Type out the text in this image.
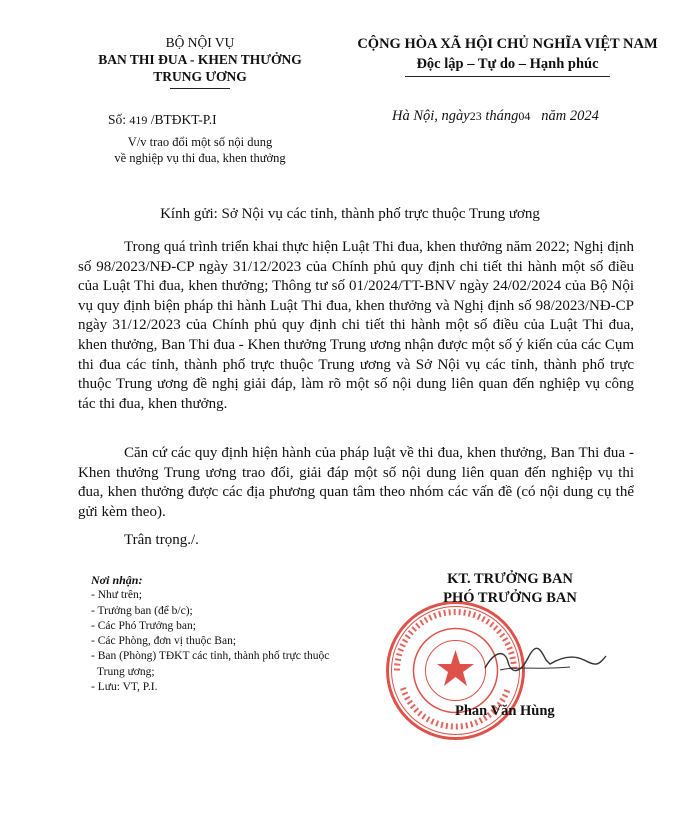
BỘ NỘI VỤ
BAN THI ĐUA - KHEN THƯỞNG
TRUNG ƯƠNG
CỘNG HÒA XÃ HỘI CHỦ NGHĨA VIỆT NAM
Độc lập – Tự do – Hạnh phúc
Số: 419 /BTĐKT-P.I	Hà Nội, ngày23 tháng04 năm 2024
V/v trao đổi một số nội dung
về nghiệp vụ thi đua, khen thưởng
Kính gửi: Sở Nội vụ các tỉnh, thành phố trực thuộc Trung ương
Trong quá trình triển khai thực hiện Luật Thi đua, khen thưởng năm 2022; Nghị định số 98/2023/NĐ-CP ngày 31/12/2023 của Chính phủ quy định chi tiết thi hành một số điều của Luật Thi đua, khen thưởng; Thông tư số 01/2024/TT-BNV ngày 24/02/2024 của Bộ Nội vụ quy định biện pháp thi hành Luật Thi đua, khen thưởng và Nghị định số 98/2023/NĐ-CP ngày 31/12/2023 của Chính phủ quy định chi tiết thi hành một số điều của Luật Thi đua, khen thưởng, Ban Thi đua - Khen thưởng Trung ương nhận được một số ý kiến của các Cụm thi đua các tỉnh, thành phố trực thuộc Trung ương và Sở Nội vụ các tỉnh, thành phố trực thuộc Trung ương đề nghị giải đáp, làm rõ một số nội dung liên quan đến nghiệp vụ công tác thi đua, khen thưởng.
Căn cứ các quy định hiện hành của pháp luật về thi đua, khen thưởng, Ban Thi đua - Khen thưởng Trung ương trao đổi, giải đáp một số nội dung liên quan đến nghiệp vụ thi đua, khen thưởng được các địa phương quan tâm theo nhóm các vấn đề (có nội dung cụ thể gửi kèm theo).
Trân trọng./.
Nơi nhận:
- Như trên;
- Trưởng ban (để b/c);
- Các Phó Trưởng ban;
- Các Phòng, đơn vị thuộc Ban;
- Ban (Phòng) TĐKT các tỉnh, thành phố trực thuộc Trung ương;
- Lưu: VT, P.I.
KT. TRƯỞNG BAN
PHÓ TRƯỞNG BAN
Phan Văn Hùng
